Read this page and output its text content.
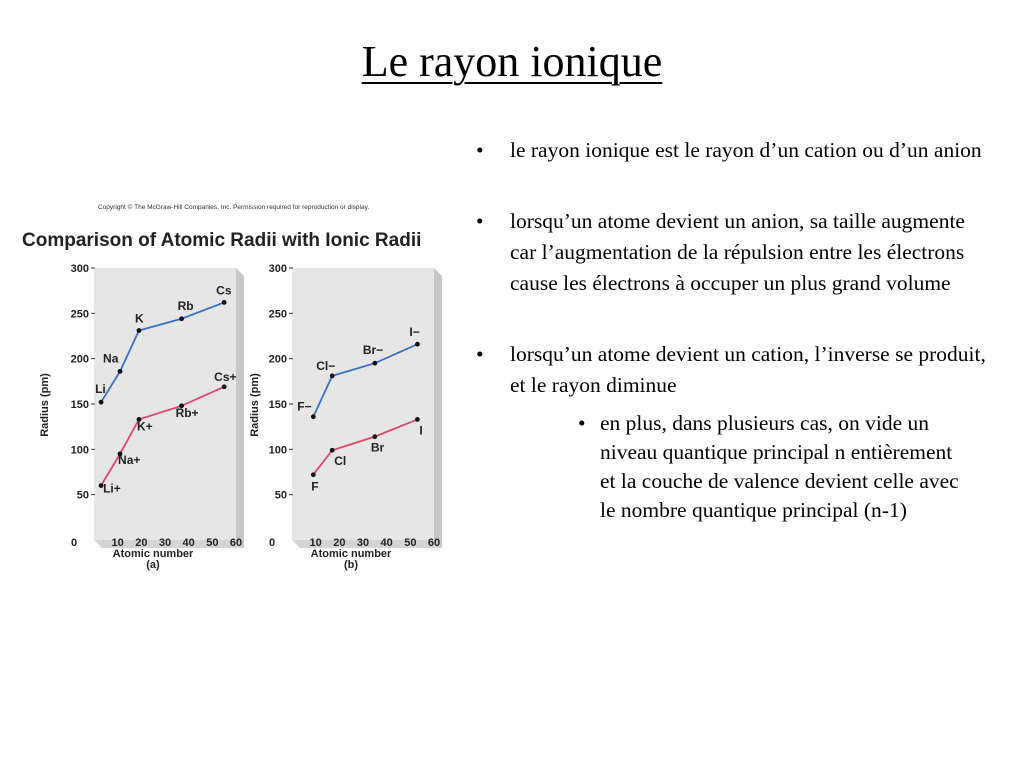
Le rayon ionique
Copyright © The McGraw-Hill Companies, Inc. Permission required for reproduction or display.
Comparison of Atomic Radii with Ionic Radii
50
100
150
200
250
300
0	10 20 30 40 50 60
Atomic number
(a)
Radius (pm)	Li
Na
K
Rb
Cs
Li+
Na+
K+
Rb+
Cs+
50
100
150
200
250
300
0	10 20 30 40 50 60
Atomic number
(b)
Radius (pm)	F−
Cl−
Br−
I−
F
Cl
Br
I
• le rayon ionique est le rayon d’un cation ou d’un anion
• lorsqu’un atome devient un anion, sa taille augmente car l’augmentation de la répulsion entre les électrons cause les électrons à occuper un plus grand volume
• lorsqu’un atome devient un cation, l’inverse se produit, et le rayon diminue
• en plus, dans plusieurs cas, on vide un niveau quantique principal n entièrement et la couche de valence devient celle avec le nombre quantique principal (n-1)
